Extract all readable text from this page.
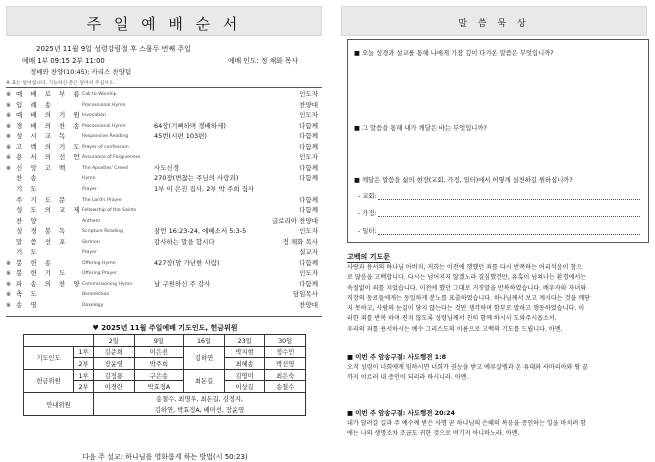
주 일 예 배 순 서
2025년 11월 9일 성령강림절 후 스물두 번째 주일
예배 1부 09:15 2부 11:00	예배 인도: 정 채화 목사
경배와 찬양(10:45): 카리스 찬양팀
※ 표는 일어섭니다. 기능하신 분은 일어서 주십시오.
※ 예 배 로 부 름 Call to Worship	인도자
※ 입 례 송	Processional Hymn	찬양대
※ 예 배 의 기 원 Invocation	인도자
※ 경 배 의 찬 송 Processional Hymn	64장(기뻐하며 경배하세)	다함께
※ 성 시 교 독	Responsive Reading	45번(시편 103편)	다함께
※ 고 백 의 기 도 Prayer of confession	다함께
※ 용 서 의 선 언 Assurance of Forgiveness	인도자
※ 신 앙 고 백	The Apostles' Creed	사도신경	다함께
찬 송	Hymn	270장(변찮는 주님의 사랑과)	다함께
기 도	Prayer	1부 이 은진 집사, 2부 박 주희 집사
주 기 도 문	The Lord's Prayer	다함께
성 도 의 교 제 Fellowship of the Saints	다함께
찬 양	Anthem	글로리아 찬양대
성 경 봉 독	Scripture Reading	잠언 16:23-24, 에베소서 5:3-5	인도자
말 씀 선 포	Sermon	감사하는 말을 합시다	정 채화 목사
기 도	Prayer	설교자
※ 봉 헌 송	Offering Hymn	427장(맘 가난한 사람)	다함께
※ 봉 헌 기 도	Offering Prayer	인도자
※ 파 송 의 찬 양 Commissioning Hymn	날 구원하신 주 감사	다함께
※ 축 도	Benediction	담임목사
※ 송 영	Doxology	찬양대
♥ 2025년 11월 주일예배 기도인도, 헌금위원
		2일	9일	16일	23일	30일
기도인도	1부	김준희	이은진	김하연	박지현	정수민
	2부	장윤영	박주희		최혜송	박선영
헌금위원	1부	김정룡	구은송	최돈길	김영미	최은숙
	2부	이경란	박효정A		이상길	송철수
안내위원		송철수, 최명우, 최돈길, 김정자,				
		김하연, 박효정A, 배미선, 장윤영				
다음 주 설교: 하나님을 영화롭게 하는 방법(시 50:23)
말 씀 묵 상
■ 오늘 성경과 설교를 통해 나에게 가장 깊이 다가온 말씀은 무엇입니까?
■ 그 말씀을 통해 내가 깨달은 바는 무엇입니까?
■ 깨달은 말씀을 삶의 현장(교회, 가정, 일터)에서 어떻게 실천하길 원하십니까?
- 교회:
- 가정:
- 일터:
고백의 기도문
사랑과 용서의 하나님 아버지, 저희는 이전에 행했던 죄를 다시 반복하는 어리석음이 참으
로 많음을 고백합니다. 다시는 넘어지지 않겠노라 결심했건만, 유혹이 넘쳐나는 환경에서는
속절없이 죄를 지었습니다. 이전에 했던 그대로 거짓말을 반복하였습니다. 배우자와 자녀와
직장의 동료들에게는 동일하게 분노를 표출하였습니다. 하나님께서 보고 계시다는 것을 깨닫
지 못하고, 사람의 눈길이 닿지 않는다는 것만 생각하며 함부로 말하고 행동하였습니다. 이
러한 죄를 반복 하며 진지 않도록 성령님께서 친히 함께 하시사 도와주시옵소서.
우리의 죄를 용서하시는 예수 그리스도의 이름으로 고백의 기도를 드립니다. 아멘.
■ 이번 주 암송구절: 사도행전 1:8
오직 성령이 너희에게 임하시면 너희가 권능을 받고 예루살렘과 온 유대와 사마리아와 땅 끝
까지 이르러 내 증인이 되리라 하시니라. 아멘.
■ 이번 주 암송구절: 사도행전 20:24
내가 달려갈 길과 주 예수께 받은 사명 곧 하나님의 은혜의 복음을 증언하는 일을 마치려 함
에는 나의 생명조차 조금도 귀한 것으로 여기지 아니하노라. 아멘.
